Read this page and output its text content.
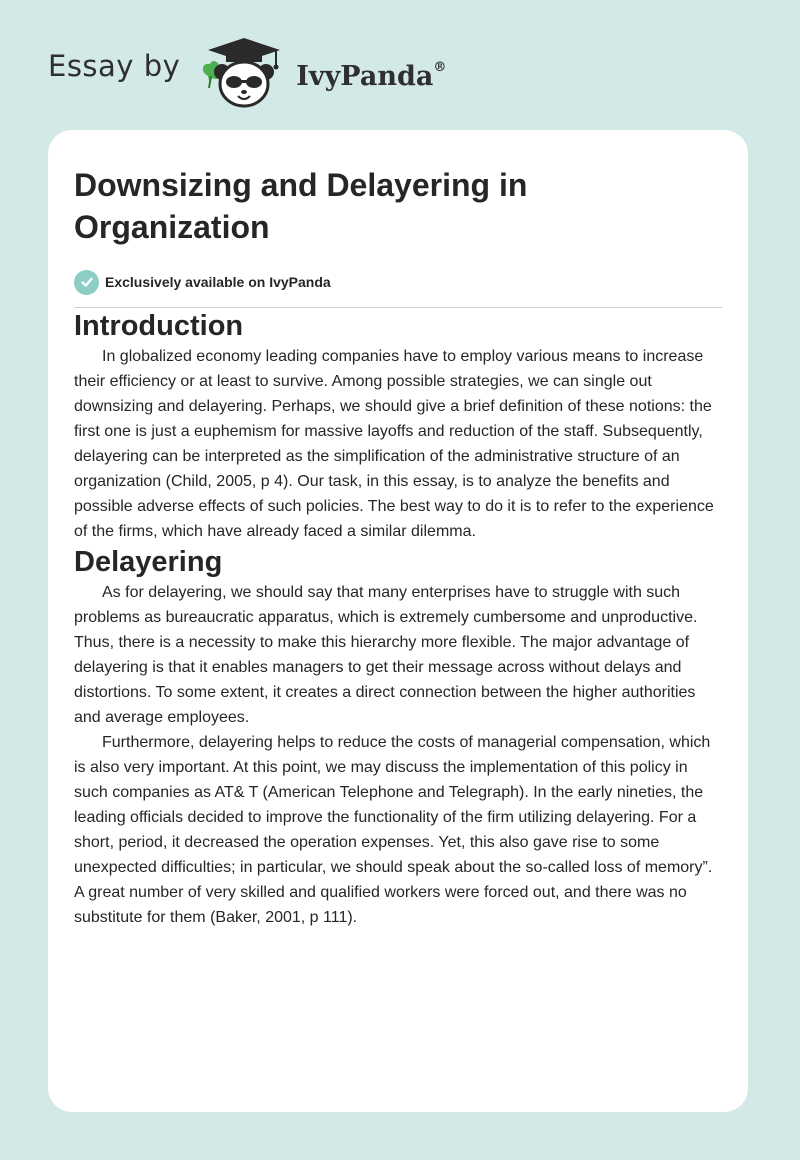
Essay by	IvyPanda®
Downsizing and Delayering in Organization
Exclusively available on IvyPanda
Introduction

In globalized economy leading companies have to employ various means to increase their efficiency or at least to survive. Among possible strategies, we can single out downsizing and delayering. Perhaps, we should give a brief definition of these notions: the first one is just a euphemism for massive layoffs and reduction of the staff. Subsequently, delayering can be interpreted as the simplification of the administrative structure of an organization (Child, 2005, p 4). Our task, in this essay, is to analyze the benefits and possible adverse effects of such policies. The best way to do it is to refer to the experience of the firms, which have already faced a similar dilemma.

Delayering

As for delayering, we should say that many enterprises have to struggle with such problems as bureaucratic apparatus, which is extremely cumbersome and unproductive. Thus, there is a necessity to make this hierarchy more flexible. The major advantage of delayering is that it enables managers to get their message across without delays and distortions. To some extent, it creates a direct connection between the higher authorities and average employees.

Furthermore, delayering helps to reduce the costs of managerial compensation, which is also very important. At this point, we may discuss the implementation of this policy in such companies as AT& T (American Telephone and Telegraph). In the early nineties, the leading officials decided to improve the functionality of the firm utilizing delayering. For a short, period, it decreased the operation expenses. Yet, this also gave rise to some unexpected difficulties; in particular, we should speak about the so-called loss of memory”. A great number of very skilled and qualified workers were forced out, and there was no substitute for them (Baker, 2001, p 111).
